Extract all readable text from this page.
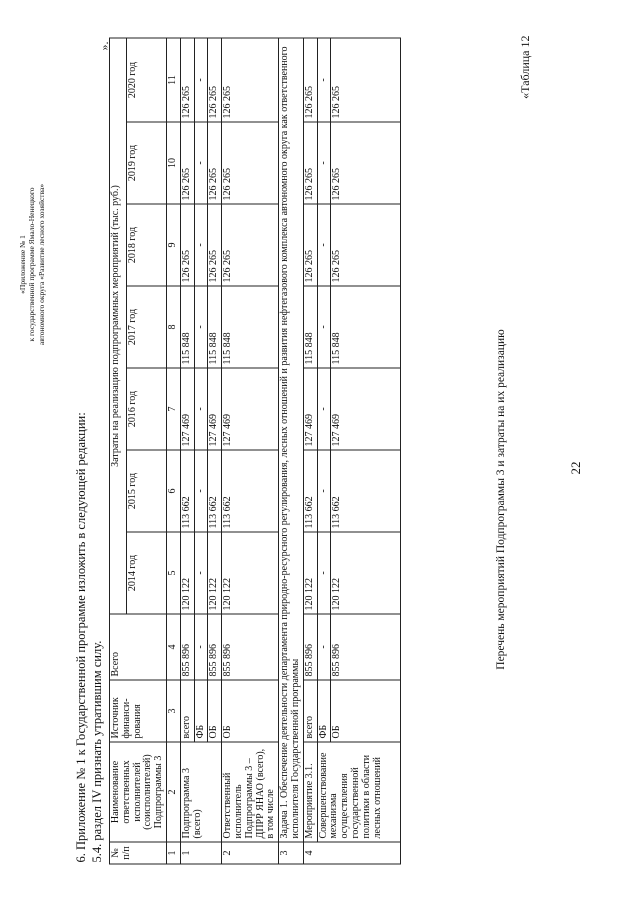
22
«Таблица 12
Перечень мероприятий Подпрограммы 3 и затраты на их реализацию
№ п/п	Наименование ответственных исполнителей (соисполнителей) Подпрограммы 3	Источник финанси-рования	Всего	Затраты на реализацию подпрограммных мероприятий (тыс. руб.)						
				2014 год	2015 год	2016 год	2017 год	2018 год	2019 год	2020 год
1	2	3	4	5	6	7	8	9	10	11
1	Подпрограмма 3 (всего)	всего	855 896	120 122	113 662	127 469	115 848	126 265	126 265	126 265
		ФБ	-	-	-	-	-	-	-	-
		ОБ	855 896	120 122	113 662	127 469	115 848	126 265	126 265	126 265
2	Ответственный исполнитель Подпрограммы 3 – ДПРР ЯНАО (всего), в том числе	ОБ	855 896	120 122	113 662	127 469	115 848	126 265	126 265	126 265
3	Задача 1. Обеспечение деятельности департамента природно-ресурсного регулирования, лесных отношений и развития нефтегазового комплекса автономного округа как ответственного исполнителя Государственной программы									
4	Мероприятие 3.1.	всего	855 896	120 122	113 662	127 469	115 848	126 265	126 265	126 265
	Совершенствование механизма осуществления государственной политики в области лесных отношений	ФБ	-	-	-	-	-	-	-	-
		ОБ	855 896	120 122	113 662	127 469	115 848	126 265	126 265	126 265
».
5.4. раздел IV признать утратившим силу.
6. Приложение № 1 к Государственной программе изложить в следующей редакции:
«Приложение № 1 к государственной программе Ямало-Ненецкого автономного округа «Развитие лесного хозяйства»
